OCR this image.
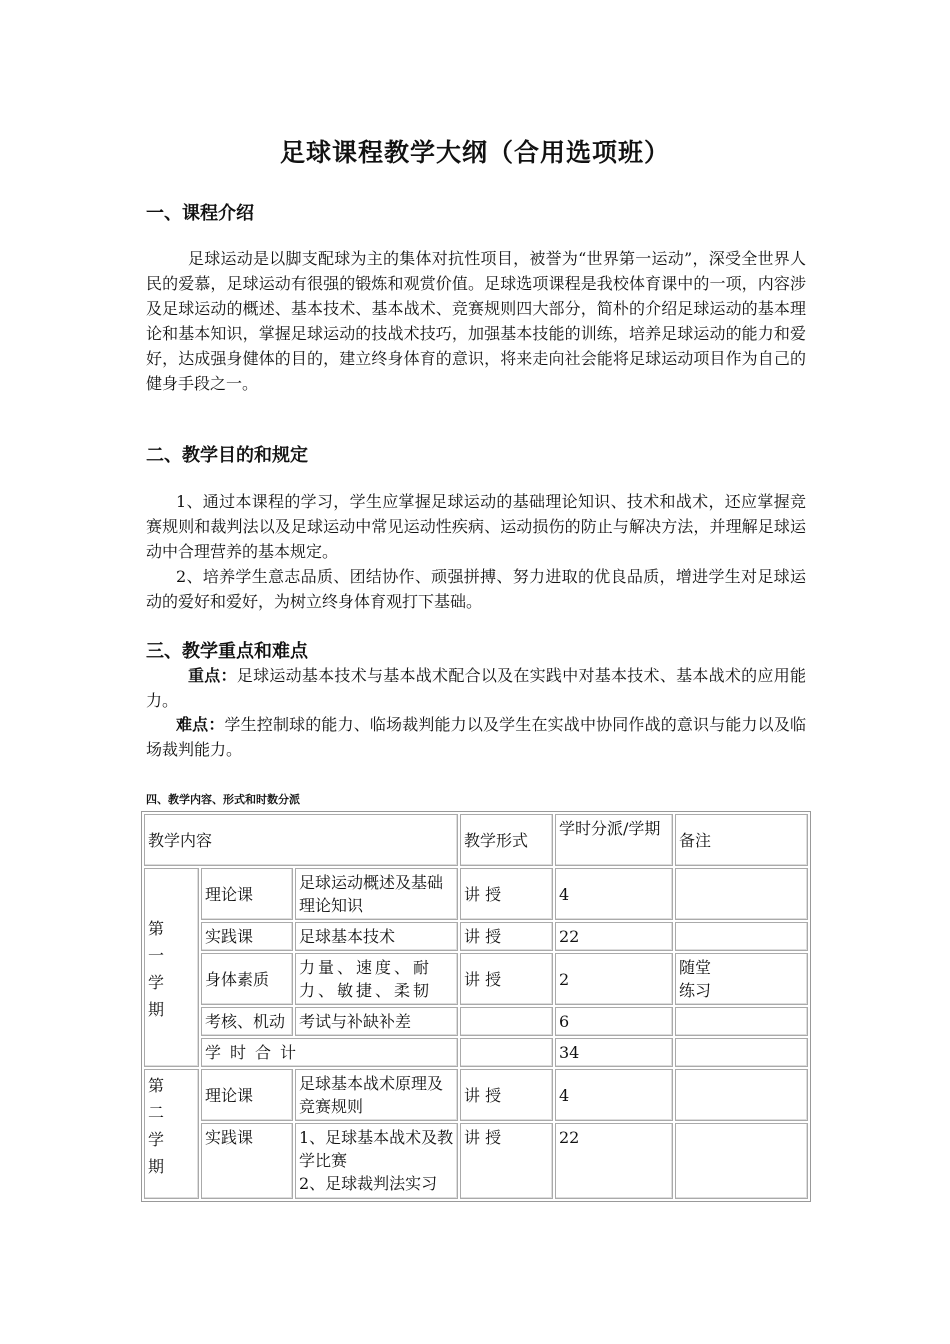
足球课程教学大纲（合用选项班）
一、课程介绍

足球运动是以脚支配球为主的集体对抗性项目，被誉为“世界第一运动”，深受全世界人民的爱慕，足球运动有很强的锻炼和观赏价值。足球选项课程是我校体育课中的一项，内容涉及足球运动的概述、基本技术、基本战术、竞赛规则四大部分，简朴的介绍足球运动的基本理论和基本知识，掌握足球运动的技战术技巧，加强基本技能的训练，培养足球运动的能力和爱好，达成强身健体的目的，建立终身体育的意识，将来走向社会能将足球运动项目作为自己的健身手段之一。

二、教学目的和规定

1、通过本课程的学习，学生应掌握足球运动的基础理论知识、技术和战术，还应掌握竞赛规则和裁判法以及足球运动中常见运动性疾病、运动损伤的防止与解决方法，并理解足球运动中合理营养的基本规定。

2、培养学生意志品质、团结协作、顽强拼搏、努力进取的优良品质，增进学生对足球运动的爱好和爱好，为树立终身体育观打下基础。

三、教学重点和难点

重点：足球运动基本技术与基本战术配合以及在实践中对基本技术、基本战术的应用能力。

难点：学生控制球的能力、临场裁判能力以及学生在实战中协同作战的意识与能力以及临场裁判能力。

四、教学内容、形式和时数分派
教学内容			教学形式	学时分派/学期	备注

第一学期	理论课	足球运动概述及基础理论知识	讲 授	4	
	实践课	足球基本技术	讲 授	22	
	身体素质	力量、速度、耐力、敏捷、柔韧	讲 授	2	随堂练习

	考核、机动	考试与补缺补差		6	
	学时合计			34	

第二学期	理论课	足球基本战术原理及竞赛规则	讲 授	4	
	实践课	1、足球基本战术及教学比赛
2、足球裁判法实习	讲 授	22	
